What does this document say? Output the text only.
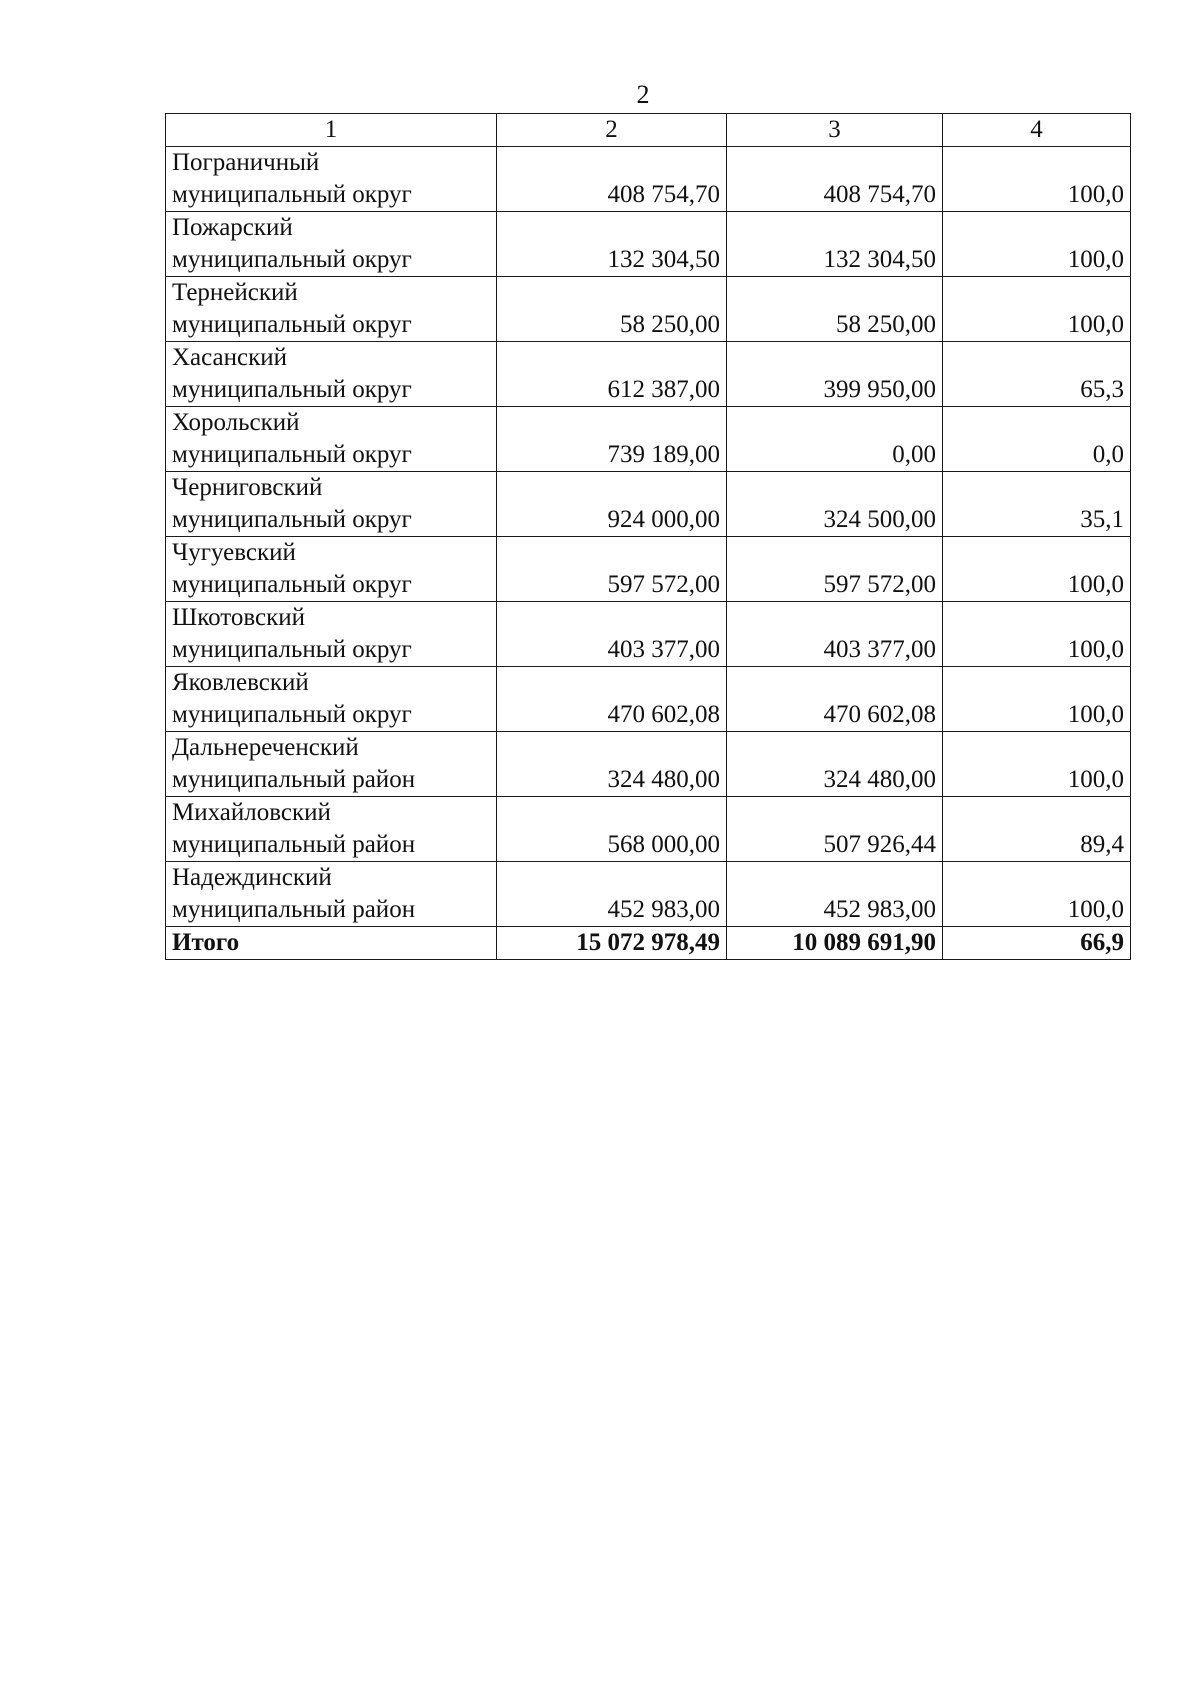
2
1	2	3	4

Пограничный
муниципальный округ	408 754,70	408 754,70	100,0

Пожарский
муниципальный округ	132 304,50	132 304,50	100,0

Тернейский
муниципальный округ	58 250,00	58 250,00	100,0

Хасанский
муниципальный округ	612 387,00	399 950,00	65,3

Хорольский
муниципальный округ	739 189,00	0,00	0,0

Черниговский
муниципальный округ	924 000,00	324 500,00	35,1

Чугуевский
муниципальный округ	597 572,00	597 572,00	100,0

Шкотовский
муниципальный округ	403 377,00	403 377,00	100,0

Яковлевский
муниципальный округ	470 602,08	470 602,08	100,0

Дальнереченский
муниципальный район	324 480,00	324 480,00	100,0

Михайловский
муниципальный район	568 000,00	507 926,44	89,4

Надеждинский
муниципальный район	452 983,00	452 983,00	100,0
Итого	15 072 978,49	10 089 691,90	66,9
